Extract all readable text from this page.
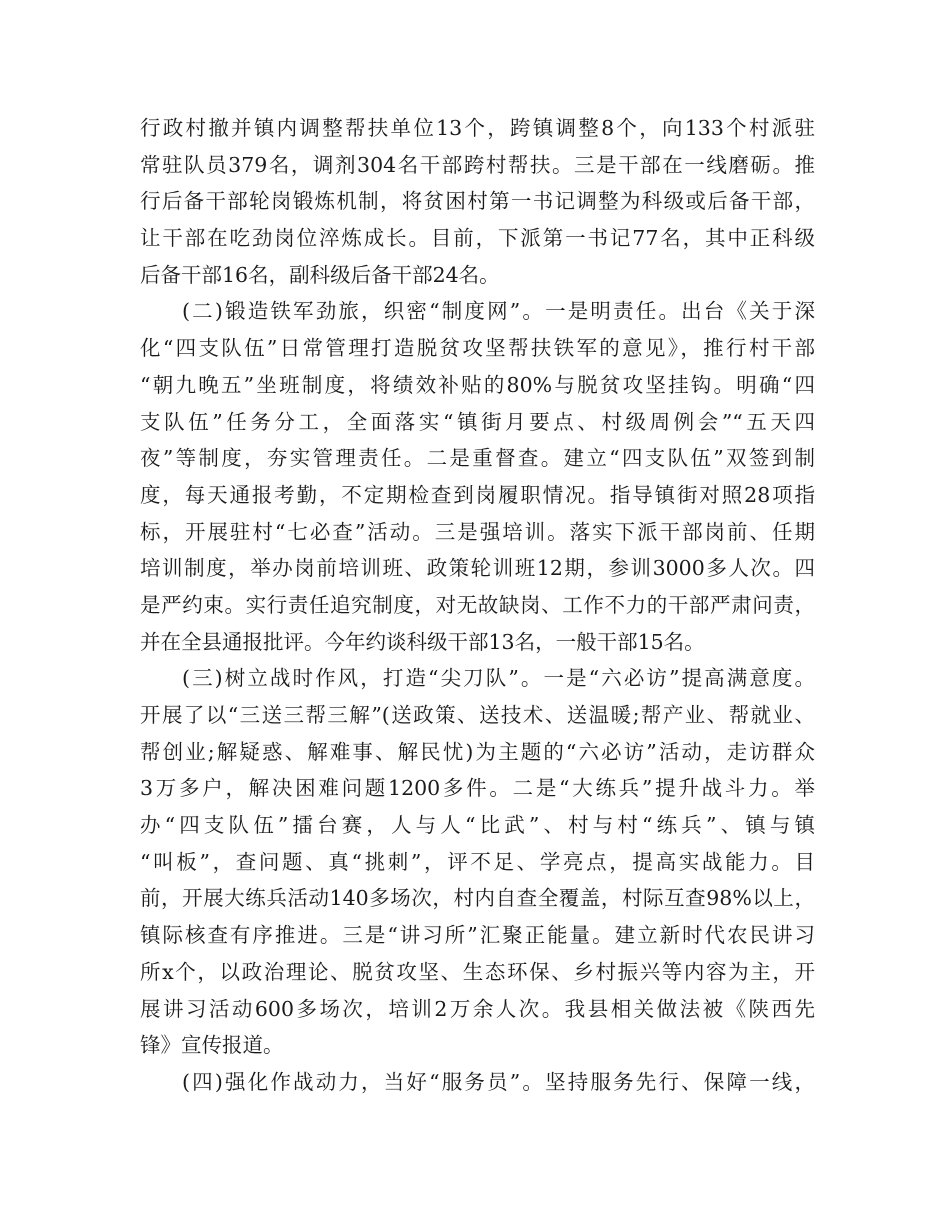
行政村撤并镇内调整帮扶单位13个，跨镇调整8个，向133个村派驻
常驻队员379名，调剂304名干部跨村帮扶。三是干部在一线磨砺。推
行后备干部轮岗锻炼机制，将贫困村第一书记调整为科级或后备干部，
让干部在吃劲岗位淬炼成长。目前，下派第一书记77名，其中正科级
后备干部16名，副科级后备干部24名。
(二)锻造铁军劲旅，织密“制度网”。一是明责任。出台《关于深
化“四支队伍”日常管理打造脱贫攻坚帮扶铁军的意见》，推行村干部
“朝九晚五”坐班制度，将绩效补贴的80%与脱贫攻坚挂钩。明确“四
支队伍”任务分工，全面落实“镇街月要点、村级周例会”“五天四
夜”等制度，夯实管理责任。二是重督查。建立“四支队伍”双签到制
度，每天通报考勤，不定期检查到岗履职情况。指导镇街对照28项指
标，开展驻村“七必查”活动。三是强培训。落实下派干部岗前、任期
培训制度，举办岗前培训班、政策轮训班12期，参训3000多人次。四
是严约束。实行责任追究制度，对无故缺岗、工作不力的干部严肃问责，
并在全县通报批评。今年约谈科级干部13名，一般干部15名。
(三)树立战时作风，打造“尖刀队”。一是“六必访”提高满意度。
开展了以“三送三帮三解”(送政策、送技术、送温暖;帮产业、帮就业、
帮创业;解疑惑、解难事、解民忧)为主题的“六必访”活动，走访群众
3万多户，解决困难问题1200多件。二是“大练兵”提升战斗力。举
办“四支队伍”擂台赛，人与人“比武”、村与村“练兵”、镇与镇
“叫板”，查问题、真“挑刺”，评不足、学亮点，提高实战能力。目
前，开展大练兵活动140多场次，村内自查全覆盖，村际互查98%以上，
镇际核查有序推进。三是“讲习所”汇聚正能量。建立新时代农民讲习
所x个，以政治理论、脱贫攻坚、生态环保、乡村振兴等内容为主，开
展讲习活动600多场次，培训2万余人次。我县相关做法被《陕西先
锋》宣传报道。
(四)强化作战动力，当好“服务员”。坚持服务先行、保障一线，
